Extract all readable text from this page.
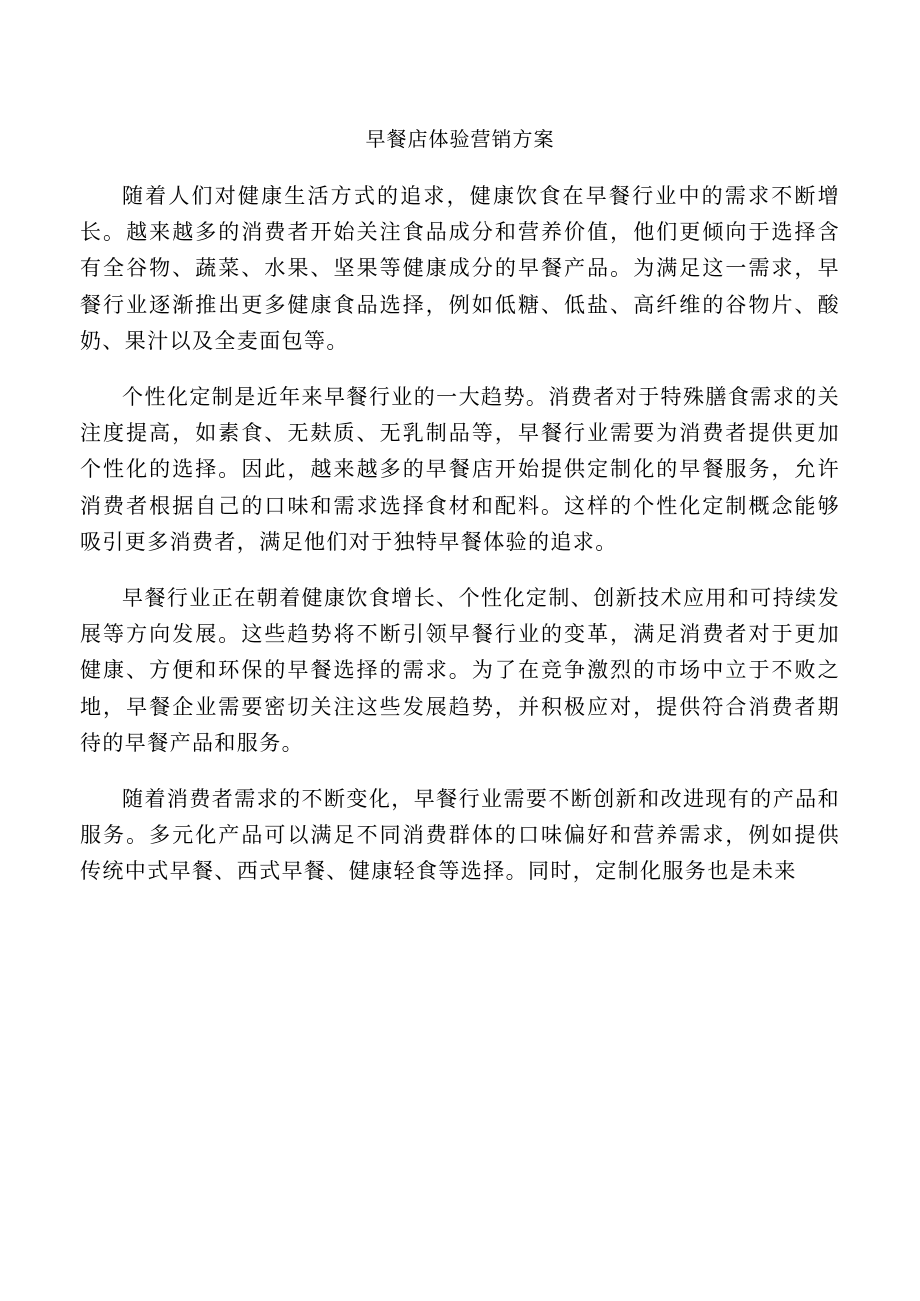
早餐店体验营销方案

随着人们对健康生活方式的追求，健康饮食在早餐行业中的需求不断增长。越来越多的消费者开始关注食品成分和营养价值，他们更倾向于选择含有全谷物、蔬菜、水果、坚果等健康成分的早餐产品。为满足这一需求，早餐行业逐渐推出更多健康食品选择，例如低糖、低盐、高纤维的谷物片、酸奶、果汁以及全麦面包等。

个性化定制是近年来早餐行业的一大趋势。消费者对于特殊膳食需求的关注度提高，如素食、无麸质、无乳制品等，早餐行业需要为消费者提供更加个性化的选择。因此，越来越多的早餐店开始提供定制化的早餐服务，允许消费者根据自己的口味和需求选择食材和配料。这样的个性化定制概念能够吸引更多消费者，满足他们对于独特早餐体验的追求。

早餐行业正在朝着健康饮食增长、个性化定制、创新技术应用和可持续发展等方向发展。这些趋势将不断引领早餐行业的变革，满足消费者对于更加健康、方便和环保的早餐选择的需求。为了在竞争激烈的市场中立于不败之地，早餐企业需要密切关注这些发展趋势，并积极应对，提供符合消费者期待的早餐产品和服务。

随着消费者需求的不断变化，早餐行业需要不断创新和改进现有的产品和服务。多元化产品可以满足不同消费群体的口味偏好和营养需求，例如提供传统中式早餐、西式早餐、健康轻食等选择。同时，定制化服务也是未来
